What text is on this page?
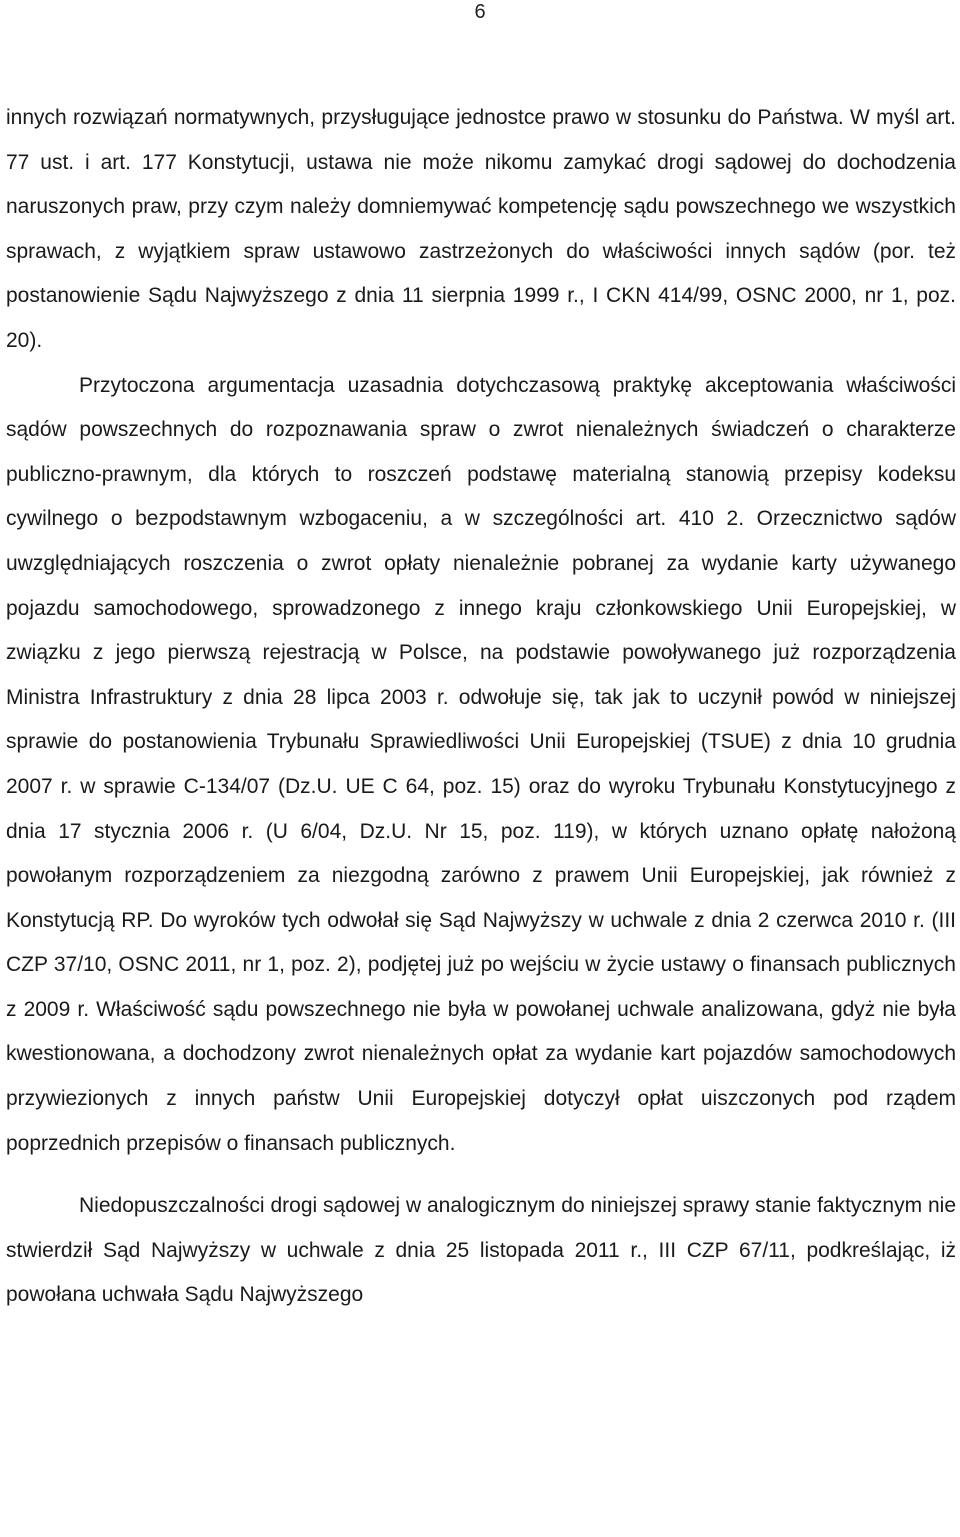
6

innych rozwiązań normatywnych, przysługujące jednostce prawo w stosunku do Państwa. W myśl art. 77 ust. i art. 177 Konstytucji, ustawa nie może nikomu zamykać drogi sądowej do dochodzenia naruszonych praw, przy czym należy domniemywać kompetencję sądu powszechnego we wszystkich sprawach, z wyjątkiem spraw ustawowo zastrzeżonych do właściwości innych sądów (por. też postanowienie Sądu Najwyższego z dnia 11 sierpnia 1999 r., I CKN 414/99, OSNC 2000, nr 1, poz. 20).

Przytoczona argumentacja uzasadnia dotychczasową praktykę akceptowania właściwości sądów powszechnych do rozpoznawania spraw o zwrot nienależnych świadczeń o charakterze publiczno-prawnym, dla których to roszczeń podstawę materialną stanowią przepisy kodeksu cywilnego o bezpodstawnym wzbogaceniu, a w szczególności art. 410 2. Orzecznictwo sądów uwzględniających roszczenia o zwrot opłaty nienależnie pobranej za wydanie karty używanego pojazdu samochodowego, sprowadzonego z innego kraju członkowskiego Unii Europejskiej, w związku z jego pierwszą rejestracją w Polsce, na podstawie powoływanego już rozporządzenia Ministra Infrastruktury z dnia 28 lipca 2003 r. odwołuje się, tak jak to uczynił powód w niniejszej sprawie do postanowienia Trybunału Sprawiedliwości Unii Europejskiej (TSUE) z dnia 10 grudnia 2007 r. w sprawie C-134/07 (Dz.U. UE C 64, poz. 15) oraz do wyroku Trybunału Konstytucyjnego z dnia 17 stycznia 2006 r. (U 6/04, Dz.U. Nr 15, poz. 119), w których uznano opłatę nałożoną powołanym rozporządzeniem za niezgodną zarówno z prawem Unii Europejskiej, jak również z Konstytucją RP. Do wyroków tych odwołał się Sąd Najwyższy w uchwale z dnia 2 czerwca 2010 r. (III CZP 37/10, OSNC 2011, nr 1, poz. 2), podjętej już po wejściu w życie ustawy o finansach publicznych z 2009 r. Właściwość sądu powszechnego nie była w powołanej uchwale analizowana, gdyż nie była kwestionowana, a dochodzony zwrot nienależnych opłat za wydanie kart pojazdów samochodowych przywiezionych z innych państw Unii Europejskiej dotyczył opłat uiszczonych pod rządem poprzednich przepisów o finansach publicznych.

Niedopuszczalności drogi sądowej w analogicznym do niniejszej sprawy stanie faktycznym nie stwierdził Sąd Najwyższy w uchwale z dnia 25 listopada 2011 r., III CZP 67/11, podkreślając, iż powołana uchwała Sądu Najwyższego
